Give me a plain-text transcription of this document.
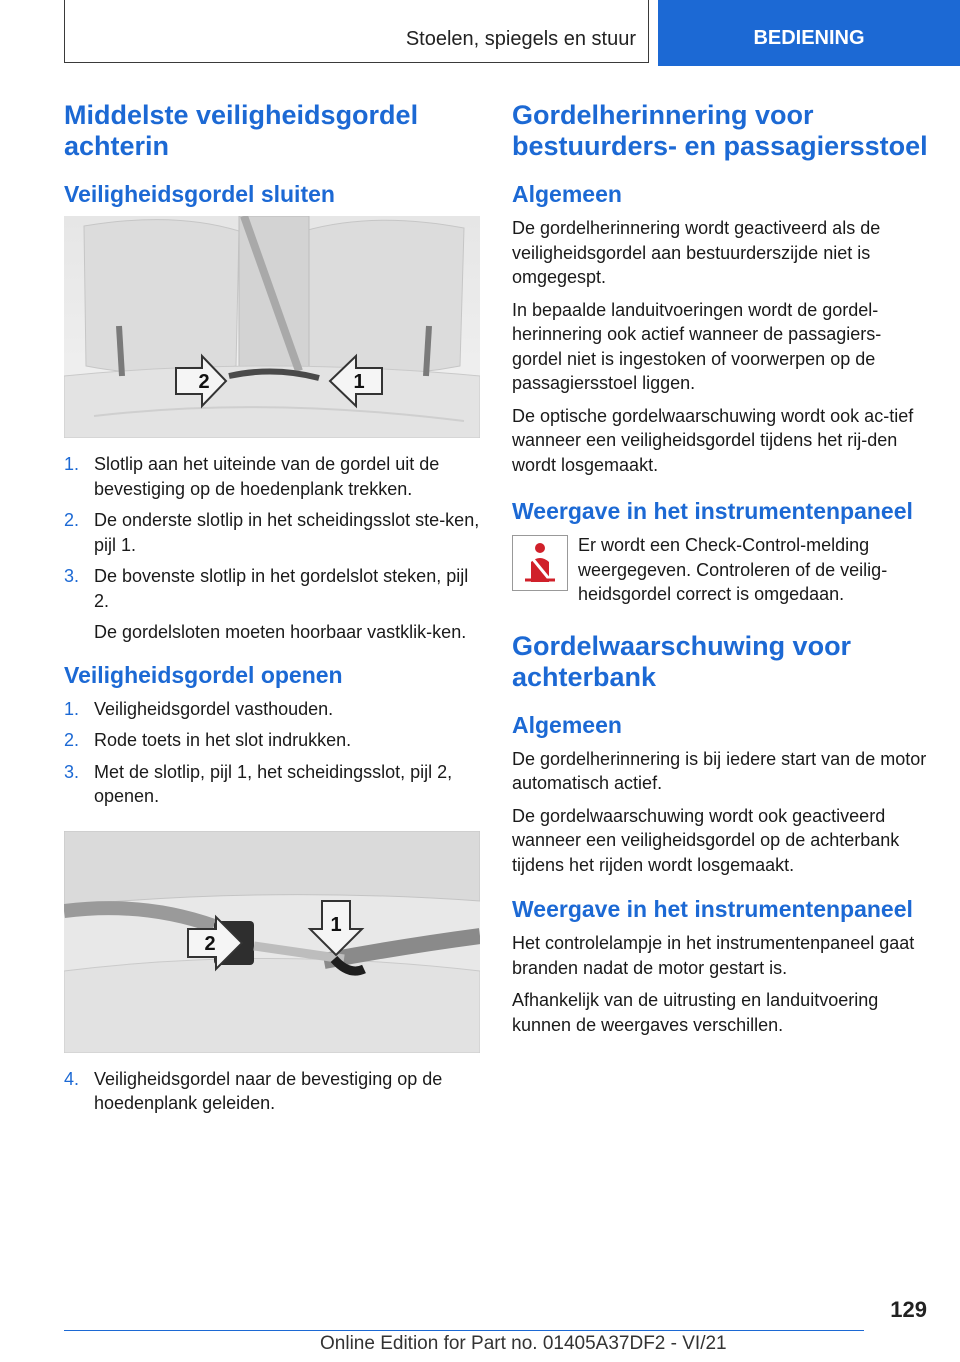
Stoelen, spiegels en stuur	BEDIENING
Middelste veiligheidsgordel achterin
Veiligheidsgordel sluiten
2	1
1. Slotlip aan het uiteinde van de gordel uit de bevestiging op de hoedenplank trekken.
2. De onderste slotlip in het scheidingsslot ste-ken, pijl 1.
3. De bovenste slotlip in het gordelslot steken, pijl 2.
De gordelsloten moeten hoorbaar vastklik-ken.
Veiligheidsgordel openen
1. Veiligheidsgordel vasthouden.
2. Rode toets in het slot indrukken.
3. Met de slotlip, pijl 1, het scheidingsslot, pijl 2, openen.
2
1
4. Veiligheidsgordel naar de bevestiging op de hoedenplank geleiden.
Gordelherinnering voor bestuurders- en passagiersstoel
Algemeen

De gordelherinnering wordt geactiveerd als de veiligheidsgordel aan bestuurderszijde niet is omgegespt.

In bepaalde landuitvoeringen wordt de gordel-herinnering ook actief wanneer de passagiers-gordel niet is ingestoken of voorwerpen op de passagiersstoel liggen.

De optische gordelwaarschuwing wordt ook ac-tief wanneer een veiligheidsgordel tijdens het rij-den wordt losgemaakt.

Weergave in het instrumentenpaneel

Er wordt een Check-Control-melding weergegeven. Controleren of de veilig-heidsgordel correct is omgedaan.

Gordelwaarschuwing voor achterbank
Algemeen

De gordelherinnering is bij iedere start van de motor automatisch actief.

De gordelwaarschuwing wordt ook geactiveerd wanneer een veiligheidsgordel op de achterbank tijdens het rijden wordt losgemaakt.

Weergave in het instrumentenpaneel

Het controlelampje in het instrumentenpaneel gaat branden nadat de motor gestart is.

Afhankelijk van de uitrusting en landuitvoering kunnen de weergaves verschillen.

129
Online Edition for Part no. 01405A37DF2 - VI/21
